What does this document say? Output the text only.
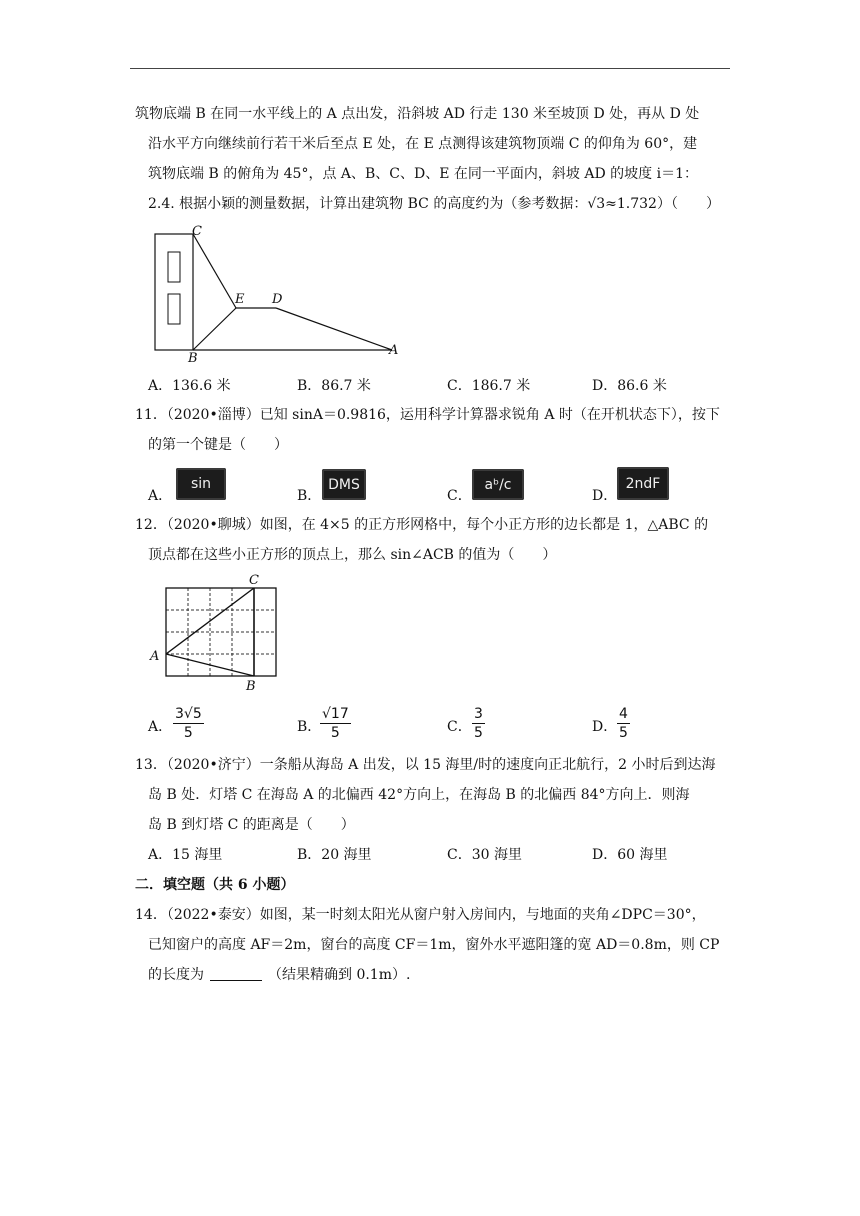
筑物底端 B 在同一水平线上的 A 点出发，沿斜坡 AD 行走 130 米至坡顶 D 处，再从 D 处
沿水平方向继续前行若干米后至点 E 处，在 E 点测得该建筑物顶端 C 的仰角为 60°，建
筑物底端 B 的俯角为 45°，点 A、B、C、D、E 在同一平面内，斜坡 AD 的坡度 i＝1：
2.4. 根据小颖的测量数据，计算出建筑物 BC 的高度约为（参考数据：√3≈1.732）（　　）
C
E D
B
A
A．136.6 米	B．86.7 米	C．186.7 米	D．86.6 米
11．（2020•淄博）已知 sinA＝0.9816，运用科学计算器求锐角 A 时（在开机状态下），按下
的第一个键是（　　）
A．
sin
B．
DMS
C．
aᵇ/c
D．
2ndF
12．（2020•聊城）如图，在 4×5 的正方形网格中，每个小正方形的边长都是 1，△ABC 的
顶点都在这些小正方形的顶点上，那么 sin∠ACB 的值为（　　）
A
B
C
A． $\frac{3√5}{5}$	B．
$\frac{√17}{5}$	C． $\frac{3}{5}$	D． $\frac{4}{5}$
13．（2020•济宁）一条船从海岛 A 出发，以 15 海里/时的速度向正北航行，2 小时后到达海
岛 B 处．灯塔 C 在海岛 A 的北偏西 42°方向上，在海岛 B 的北偏西 84°方向上．则海
岛 B 到灯塔 C 的距离是（　　）
A．15 海里	B．20 海里	C．30 海里	D．60 海里
二．填空题（共 6 小题）
14．（2022•泰安）如图，某一时刻太阳光从窗户射入房间内，与地面的夹角∠DPC＝30°，
已知窗户的高度 AF＝2m，窗台的高度 CF＝1m，窗外水平遮阳篷的宽 AD＝0.8m，则 CP
的长度为	（结果精确到 0.1m）.
